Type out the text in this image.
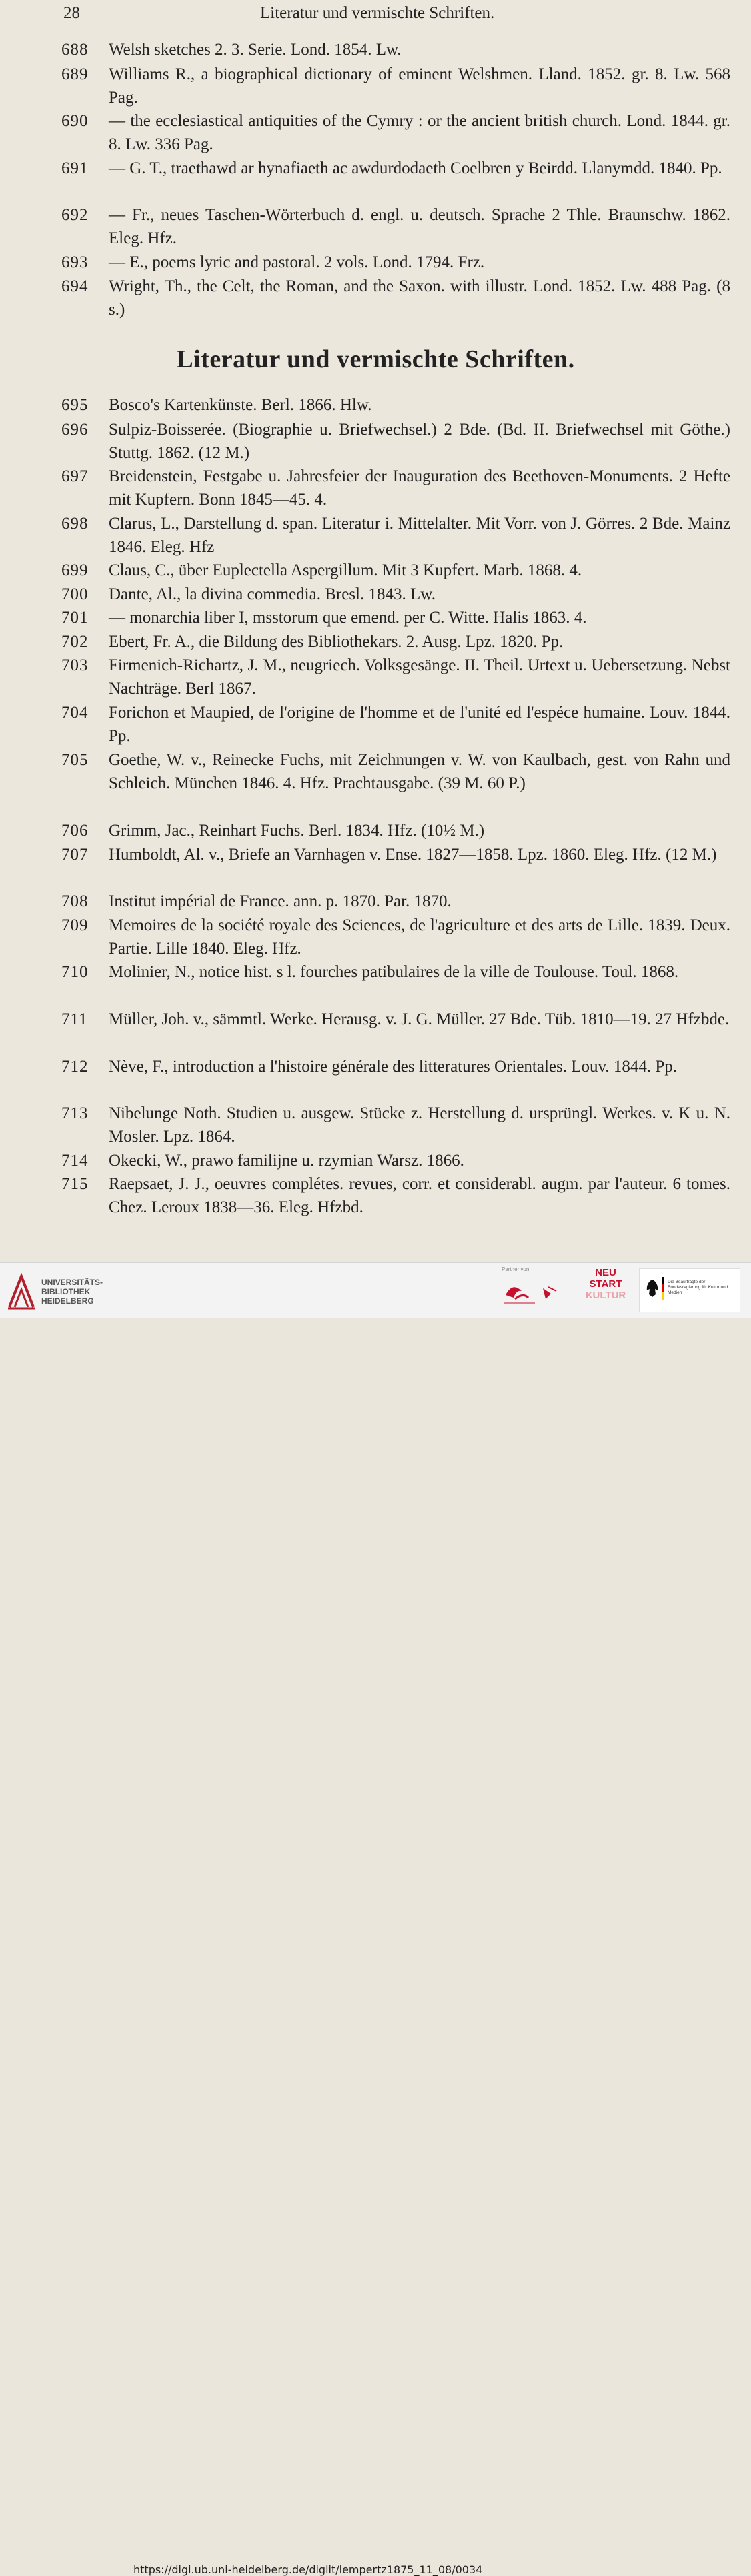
28	Literatur und vermischte Schriften.
688	Welsh sketches 2. 3. Serie. Lond. 1854. Lw.
689	Williams R., a biographical dictionary of eminent Welshmen. Lland. 1852. gr. 8. Lw. 568 Pag.
690	— the ecclesiastical antiquities of the Cymry : or the ancient british church. Lond. 1844. gr. 8. Lw. 336 Pag.
691	— G. T., traethawd ar hynafiaeth ac awdurdodaeth Coelbren y Beirdd. Llanymdd. 1840. Pp.
692	— Fr., neues Taschen-Wörterbuch d. engl. u. deutsch. Sprache 2 Thle. Braunschw. 1862. Eleg. Hfz.
693	— E., poems lyric and pastoral. 2 vols. Lond. 1794. Frz.
694	Wright, Th., the Celt, the Roman, and the Saxon. with illustr. Lond. 1852. Lw. 488 Pag. (8 s.)
Literatur und vermischte Schriften.
695	Bosco's Kartenkünste. Berl. 1866. Hlw.
696	Sulpiz-Boisserée. (Biographie u. Briefwechsel.) 2 Bde. (Bd. II. Briefwechsel mit Göthe.) Stuttg. 1862. (12 M.)
697	Breidenstein, Festgabe u. Jahresfeier der Inauguration des Beethoven-Monuments. 2 Hefte mit Kupfern. Bonn 1845—45. 4.
698	Clarus, L., Darstellung d. span. Literatur i. Mittelalter. Mit Vorr. von J. Görres. 2 Bde. Mainz 1846. Eleg. Hfz
699	Claus, C., über Euplectella Aspergillum. Mit 3 Kupfert. Marb. 1868. 4.
700	Dante, Al., la divina commedia. Bresl. 1843. Lw.
701	— monarchia liber I, msstorum que emend. per C. Witte. Halis 1863. 4.
702	Ebert, Fr. A., die Bildung des Bibliothekars. 2. Ausg. Lpz. 1820. Pp.
703	Firmenich-Richartz, J. M., neugriech. Volksgesänge. II. Theil. Urtext u. Uebersetzung. Nebst Nachträge. Berl 1867.
704	Forichon et Maupied, de l'origine de l'homme et de l'unité ed l'espéce humaine. Louv. 1844. Pp.
705	Goethe, W. v., Reinecke Fuchs, mit Zeichnungen v. W. von Kaulbach, gest. von Rahn und Schleich. München 1846. 4. Hfz. Prachtausgabe. (39 M. 60 P.)
706	Grimm, Jac., Reinhart Fuchs. Berl. 1834. Hfz. (10½ M.)
707	Humboldt, Al. v., Briefe an Varnhagen v. Ense. 1827—1858. Lpz. 1860. Eleg. Hfz. (12 M.)
708	Institut impérial de France. ann. p. 1870. Par. 1870.
709	Memoires de la société royale des Sciences, de l'agriculture et des arts de Lille. 1839. Deux. Partie. Lille 1840. Eleg. Hfz.
710	Molinier, N., notice hist. s l. fourches patibulaires de la ville de Toulouse. Toul. 1868.
711	Müller, Joh. v., sämmtl. Werke. Herausg. v. J. G. Müller. 27 Bde. Tüb. 1810—19. 27 Hfzbde.
712	Nève, F., introduction a l'histoire générale des litteratures Orientales. Louv. 1844. Pp.
713	Nibelunge Noth. Studien u. ausgew. Stücke z. Herstellung d. ursprüngl. Werkes. v. K u. N. Mosler. Lpz. 1864.
714	Okecki, W., prawo familijne u. rzymian Warsz. 1866.
715	Raepsaet, J. J., oeuvres complétes. revues, corr. et considerabl. augm. par l'auteur. 6 tomes. Chez. Leroux 1838—36. Eleg. Hfzbd.
UNIVERSITÄTS-
BIBLIOTHEK
HEIDELBERG
Partner von	NEU
START
KULTUR
Die Beauftragte der Bundesregierung für Kultur und Medien
https://digi.ub.uni-heidelberg.de/diglit/lempertz1875_11_08/0034
